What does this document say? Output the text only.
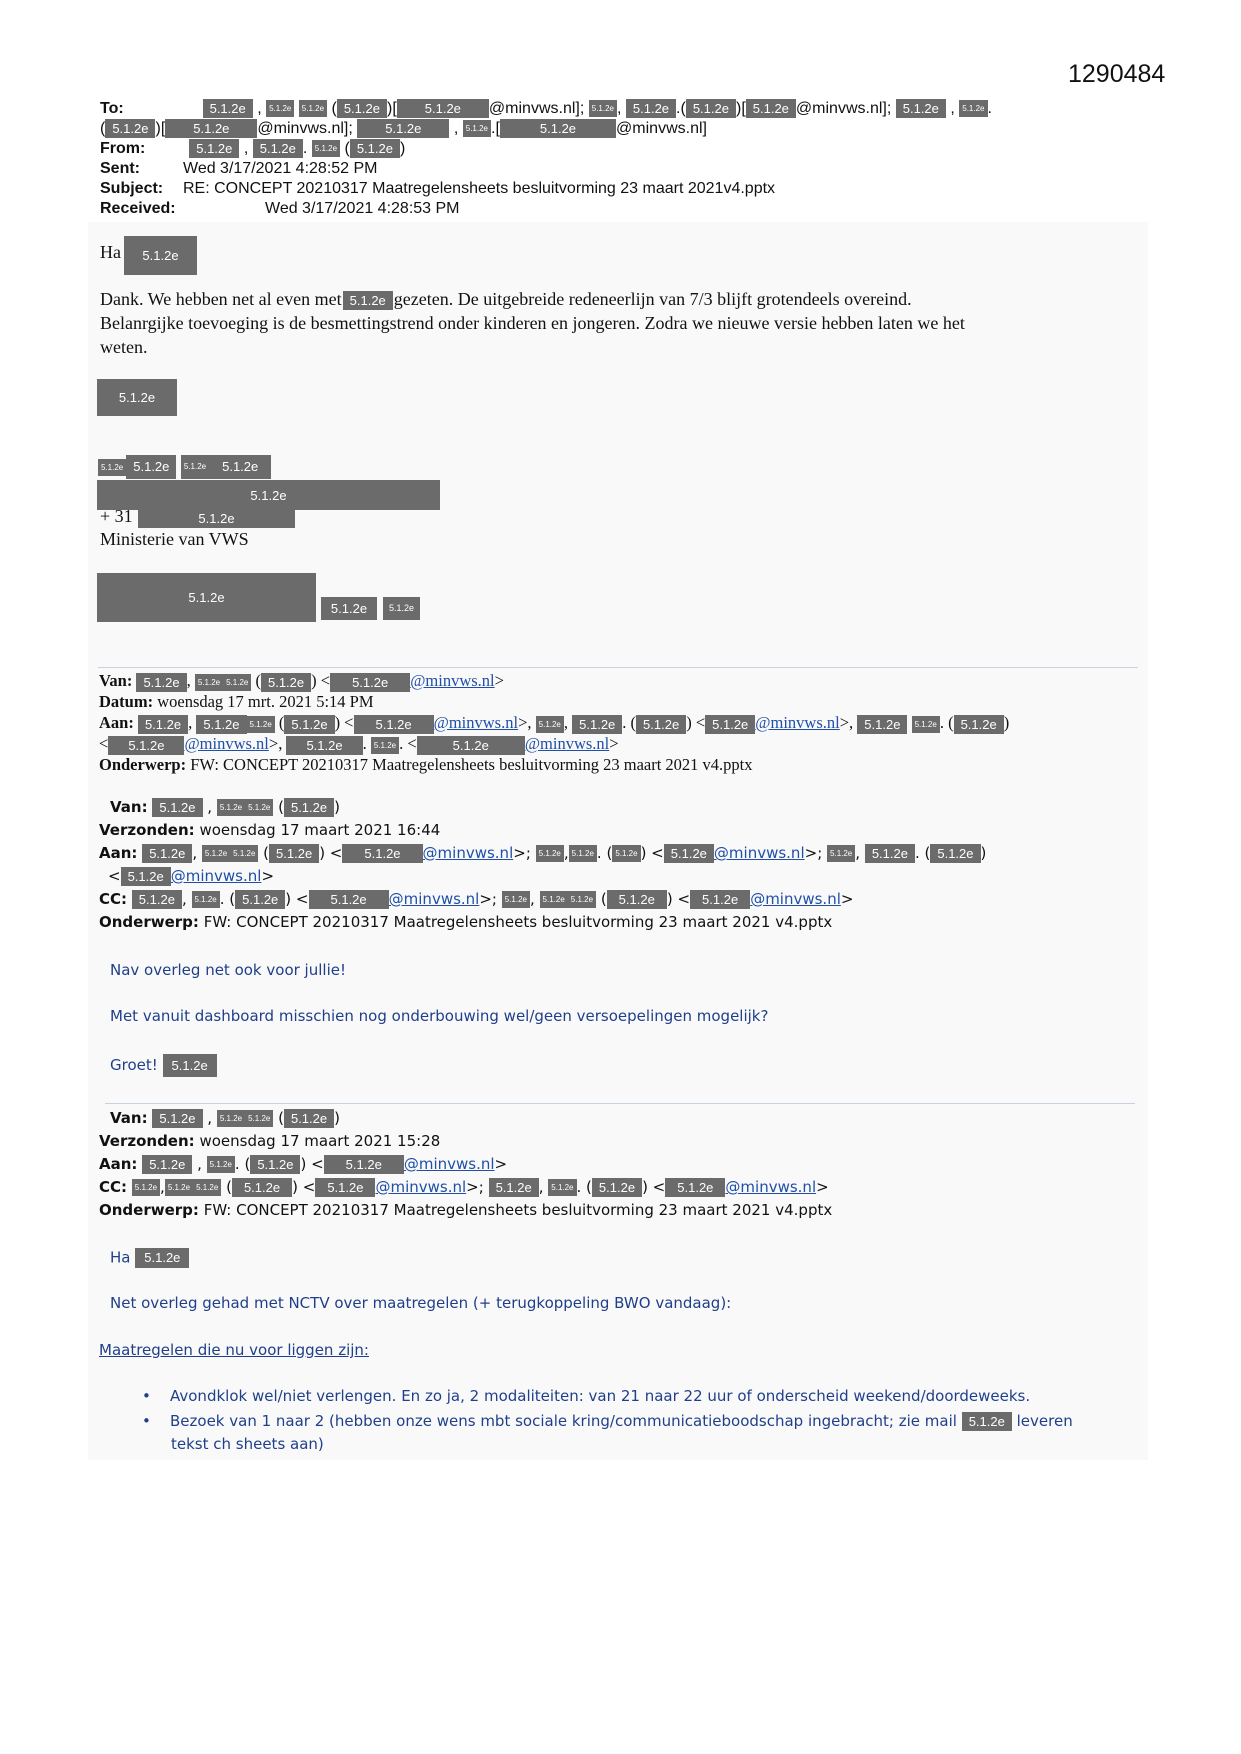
1290484
To:	5.1.2e , 5.1.2e 5.1.2e ( 5.1.2e )[ 5.1.2e @minvws.nl]; 5.1.2e , 5.1.2e .( 5.1.2e )[ 5.1.2e @minvws.nl]; 5.1.2e , 5.1.2e .
( 5.1.2e )[ 5.1.2e @minvws.nl]; 5.1.2e , 5.1.2e .[	5.1.2e	@minvws.nl]
From:	5.1.2e , 5.1.2e . 5.1.2e ( 5.1.2e )
Sent:	Wed 3/17/2021 4:28:52 PM
Subject: RE: CONCEPT 20210317 Maatregelensheets besluitvorming 23 maart 2021v4.pptx
Received:	Wed 3/17/2021 4:28:53 PM
Ha	5.1.2e
Dank. We hebben net al even met 5.1.2e gezeten. De uitgebreide redeneerlijn van 7/3 blijft grotendeels overeind.
Belanrgijke toevoeging is de besmettingstrend onder kinderen en jongeren. Zodra we nieuwe versie hebben laten we het
weten.
5.1.2e
5.1.2e 5.1.2e 5.1.2e 5.1.2e
5.1.2e
+ 31	5.1.2e
Ministerie van VWS
5.1.2e
5.1.2e	5.1.2e
Van: 5.1.2e , 5.1.2e 5.1.2e ( 5.1.2e ) < 5.1.2e @minvws.nl>
Datum: woensdag 17 mrt. 2021 5:14 PM
Aan: 5.1.2e , 5.1.2e 5.1.2e ( 5.1.2e ) < 5.1.2e @minvws.nl>, 5.1.2e , 5.1.2e . ( 5.1.2e ) < 5.1.2e @minvws.nl>, 5.1.2e 5.1.2e . ( 5.1.2e )
< 5.1.2e @minvws.nl>, 5.1.2e . 5.1.2e . <	5.1.2e @minvws.nl>
Onderwerp: FW: CONCEPT 20210317 Maatregelensheets besluitvorming 23 maart 2021 v4.pptx
Van: 5.1.2e , 5.1.2e 5.1.2e ( 5.1.2e )
Verzonden: woensdag 17 maart 2021 16:44
Aan: 5.1.2e , 5.1.2e 5.1.2e ( 5.1.2e ) < 5.1.2e @minvws.nl>; 5.1.2e , 5.1.2e . ( 5.1.2e ) < 5.1.2e @minvws.nl>; 5.1.2e , 5.1.2e . ( 5.1.2e )
< 5.1.2e @minvws.nl>
CC: 5.1.2e , 5.1.2e . ( 5.1.2e ) < 5.1.2e @minvws.nl>; 5.1.2e , 5.1.2e 5.1.2e ( 5.1.2e ) < 5.1.2e @minvws.nl>
Onderwerp: FW: CONCEPT 20210317 Maatregelensheets besluitvorming 23 maart 2021 v4.pptx
Nav overleg net ook voor jullie!
Met vanuit dashboard misschien nog onderbouwing wel/geen versoepelingen mogelijk?
Groet! 5.1.2e
Van: 5.1.2e , 5.1.2e 5.1.2e ( 5.1.2e )
Verzonden: woensdag 17 maart 2021 15:28
Aan: 5.1.2e , 5.1.2e . ( 5.1.2e ) < 5.1.2e @minvws.nl>
CC: 5.1.2e , 5.1.2e 5.1.2e ( 5.1.2e ) < 5.1.2e @minvws.nl>; 5.1.2e , 5.1.2e . ( 5.1.2e ) < 5.1.2e @minvws.nl>
Onderwerp: FW: CONCEPT 20210317 Maatregelensheets besluitvorming 23 maart 2021 v4.pptx
Ha 5.1.2e
Net overleg gehad met NCTV over maatregelen (+ terugkoppeling BWO vandaag):
Maatregelen die nu voor liggen zijn:
• Avondklok wel/niet verlengen. En zo ja, 2 modaliteiten: van 21 naar 22 uur of onderscheid weekend/doordeweeks.
• Bezoek van 1 naar 2 (hebben onze wens mbt sociale kring/communicatieboodschap ingebracht; zie mail 5.1.2e leveren
tekst ch sheets aan)
